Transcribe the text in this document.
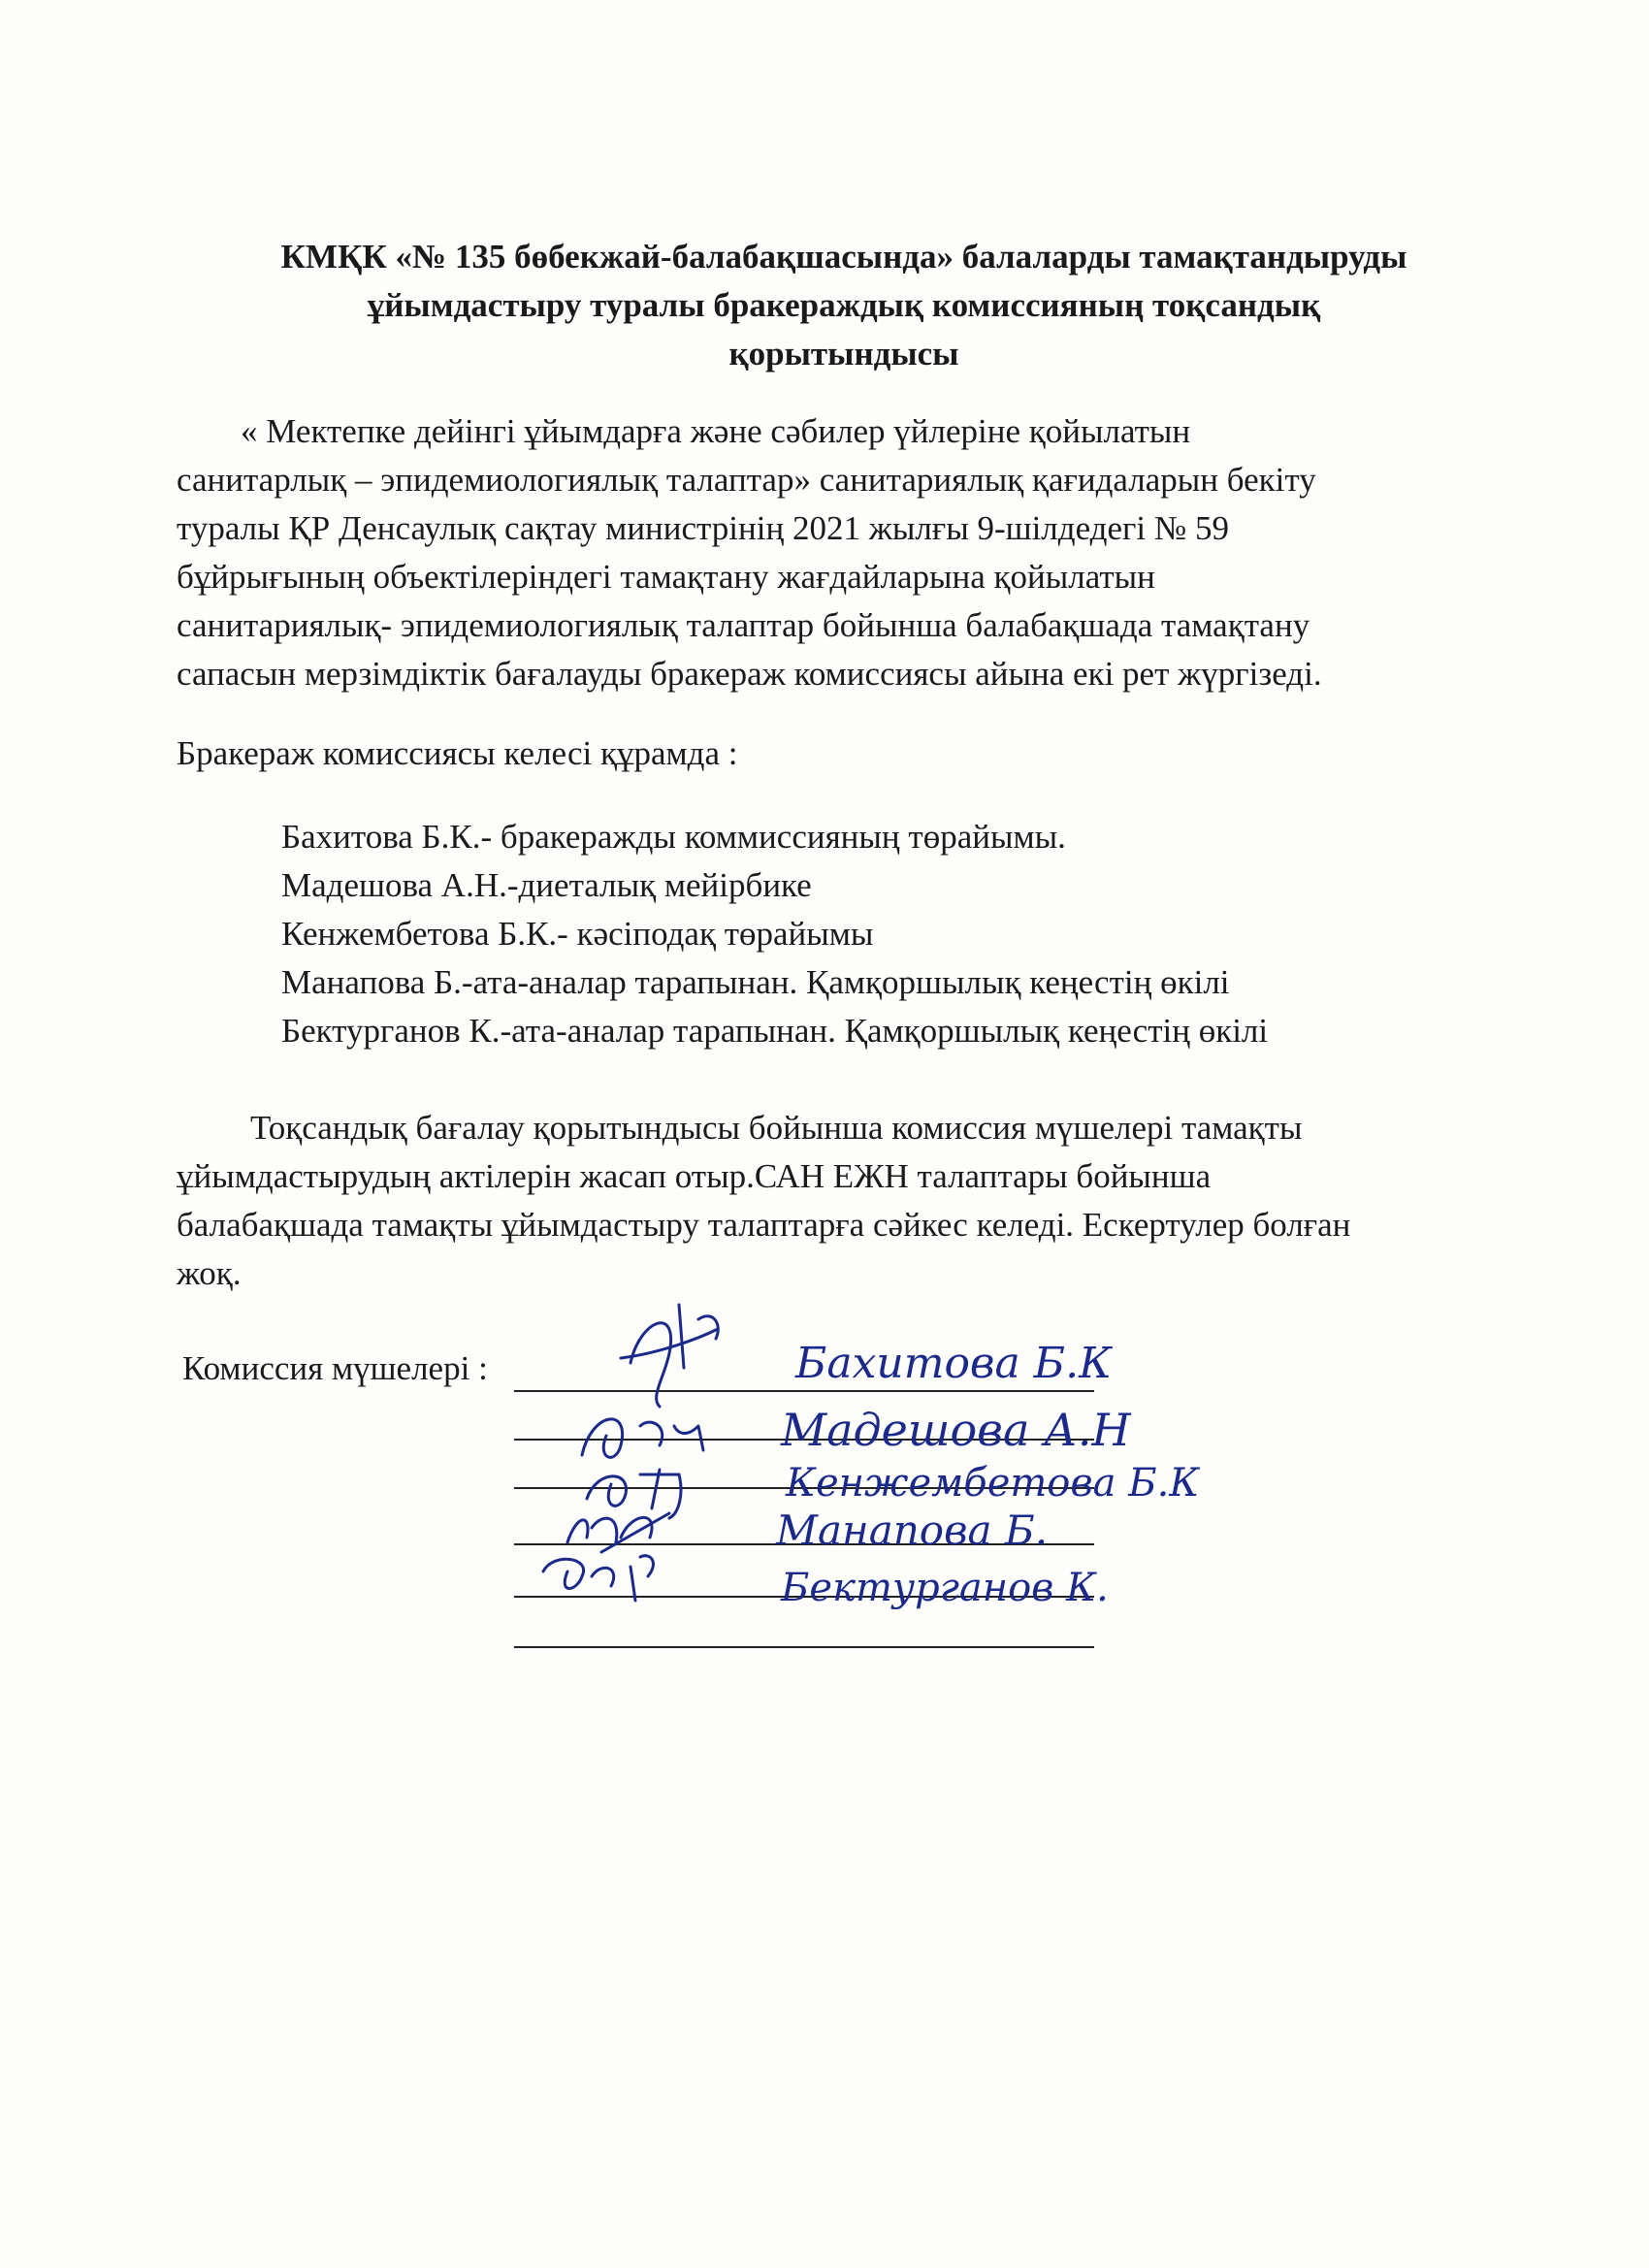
КМҚК «№ 135 бөбекжай-балабақшасында» балаларды тамақтандыруды
ұйымдастыру туралы бракераждық комиссияның тоқсандық
қорытындысы
« Мектепке дейінгі ұйымдарға және сәбилер үйлеріне қойылатын
санитарлық – эпидемиологиялық талаптар» санитариялық қағидаларын бекіту
туралы ҚР Денсаулық сақтау министрінің 2021 жылғы 9-шілдедегі № 59
бұйрығының объектілеріндегі тамақтану жағдайларына қойылатын
санитариялық- эпидемиологиялық талаптар бойынша балабақшада тамақтану
сапасын мерзімдіктік бағалауды бракераж комиссиясы айына екі рет жүргізеді.
Бракераж комиссиясы келесі құрамда :
Бахитова Б.К.- бракеражды коммиссияның төрайымы.
Мадешова А.Н.-диеталық мейірбике
Кенжембетова Б.К.- кәсіподақ төрайымы
Манапова Б.-ата-аналар тарапынан. Қамқоршылық кеңестің өкілі
Бектурганов К.-ата-аналар тарапынан. Қамқоршылық кеңестің өкілі
Тоқсандық бағалау қорытындысы бойынша комиссия мүшелері тамақты
ұйымдастырудың актілерін жасап отыр.САН ЕЖН талаптары бойынша
балабақшада тамақты ұйымдастыру талаптарға сәйкес келеді. Ескертулер болған
жоқ.
Комиссия мүшелері :	Бахитова Б.К
Мадешова А.Н
Кенжембетова Б.К
Манапова Б.
Бектурганов К.
